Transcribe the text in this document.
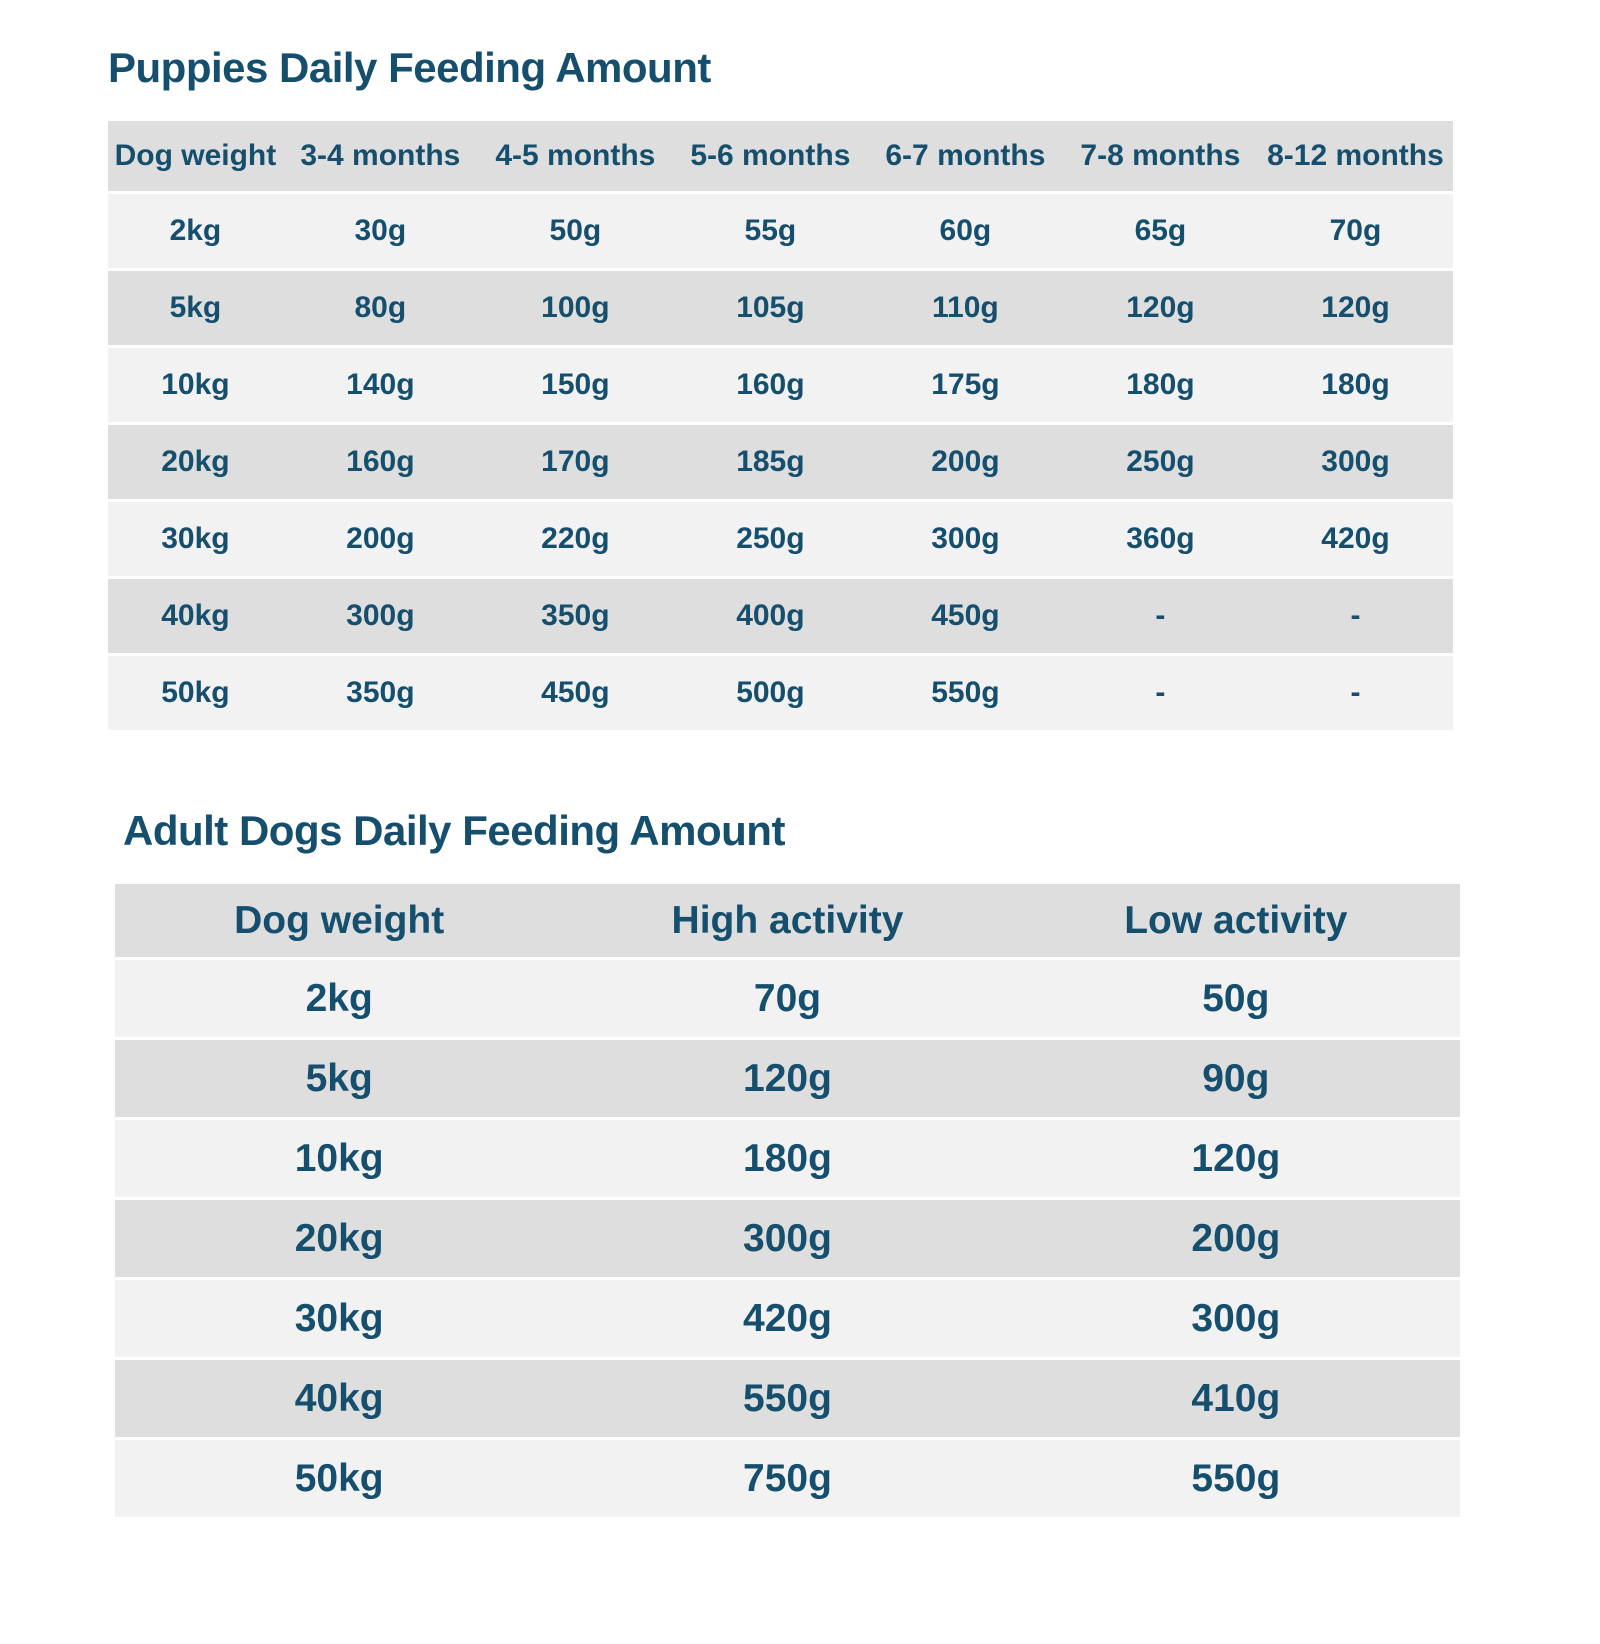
Puppies Daily Feeding Amount
Dog weight	3-4 months	4-5 months	5-6 months	6-7 months	7-8 months	8-12 months
2kg	30g	50g	55g	60g	65g	70g
5kg	80g	100g	105g	110g	120g	120g
10kg	140g	150g	160g	175g	180g	180g
20kg	160g	170g	185g	200g	250g	300g
30kg	200g	220g	250g	300g	360g	420g
40kg	300g	350g	400g	450g	-	-
50kg	350g	450g	500g	550g	-	-
Adult Dogs Daily Feeding Amount
Dog weight	High activity	Low activity
2kg	70g	50g
5kg	120g	90g
10kg	180g	120g
20kg	300g	200g
30kg	420g	300g
40kg	550g	410g
50kg	750g	550g
